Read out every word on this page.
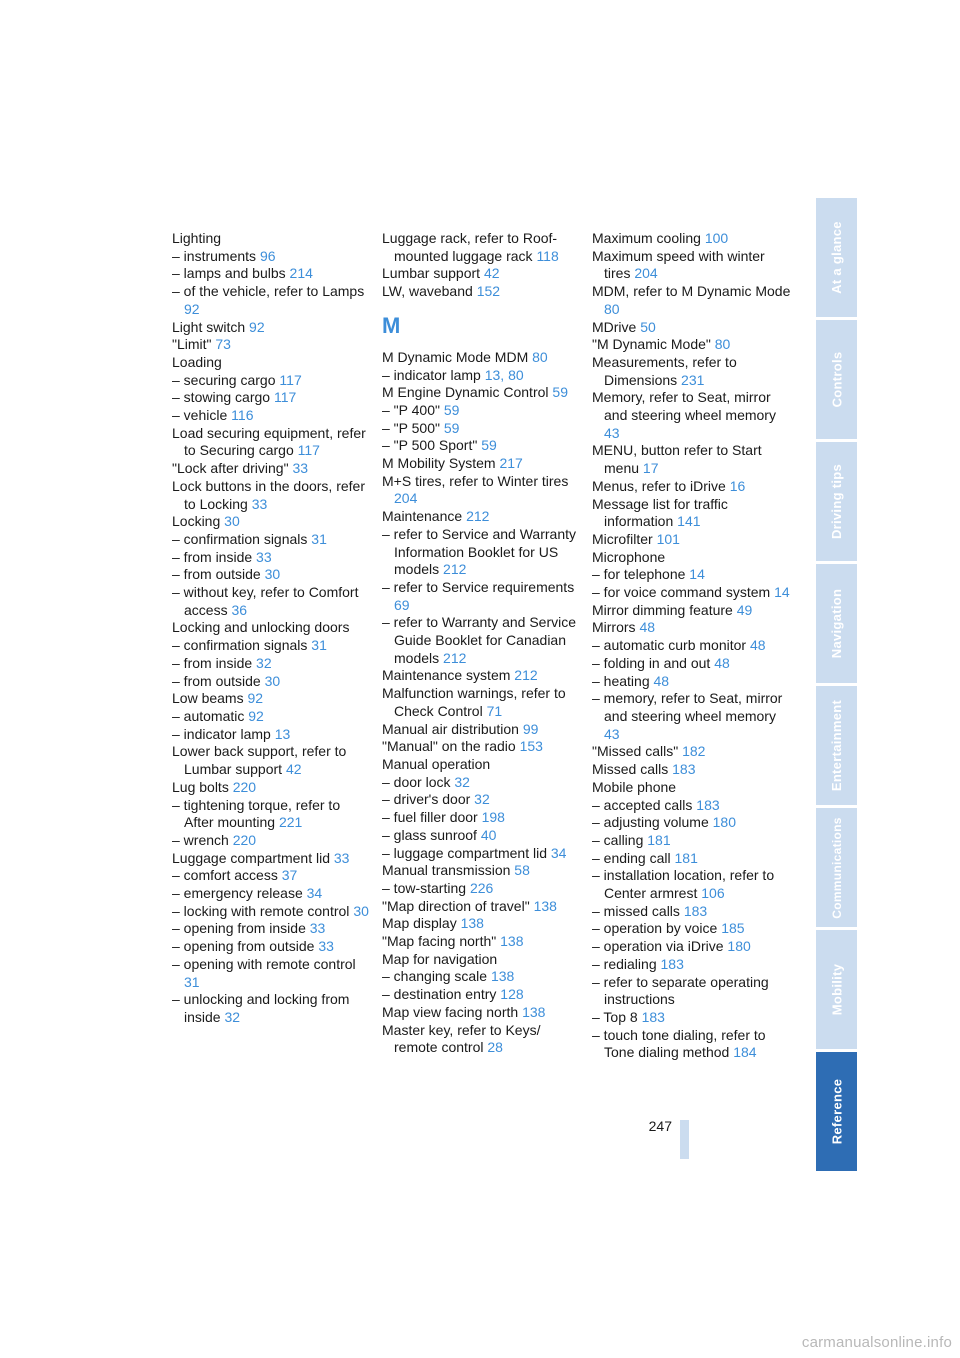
Lighting
– instruments 96
– lamps and bulbs 214
– of the vehicle, refer to Lamps 92
Light switch 92
"Limit" 73
Loading
– securing cargo 117
– stowing cargo 117
– vehicle 116
Load securing equipment, refer to Securing cargo 117
"Lock after driving" 33
Lock buttons in the doors, refer to Locking 33
Locking 30
– confirmation signals 31
– from inside 33
– from outside 30
– without key, refer to Comfort access 36
Locking and unlocking doors
– confirmation signals 31
– from inside 32
– from outside 30
Low beams 92
– automatic 92
– indicator lamp 13
Lower back support, refer to Lumbar support 42
Lug bolts 220
– tightening torque, refer to After mounting 221
– wrench 220
Luggage compartment lid 33
– comfort access 37
– emergency release 34
– locking with remote control 30
– opening from inside 33
– opening from outside 33
– opening with remote control 31
– unlocking and locking from inside 32
Luggage rack, refer to Roof-mounted luggage rack 118
Lumbar support 42
LW, waveband 152
M
M Dynamic Mode MDM 80
– indicator lamp 13, 80
M Engine Dynamic Control 59
– "P 400" 59
– "P 500" 59
– "P 500 Sport" 59
M Mobility System 217
M+S tires, refer to Winter tires 204
Maintenance 212
– refer to Service and Warranty Information Booklet for US models 212
– refer to Service requirements 69
– refer to Warranty and Service Guide Booklet for Canadian models 212
Maintenance system 212
Malfunction warnings, refer to Check Control 71
Manual air distribution 99
"Manual" on the radio 153
Manual operation
– door lock 32
– driver's door 32
– fuel filler door 198
– glass sunroof 40
– luggage compartment lid 34
Manual transmission 58
– tow-starting 226
"Map direction of travel" 138
Map display 138
"Map facing north" 138
Map for navigation
– changing scale 138
– destination entry 128
Map view facing north 138
Master key, refer to Keys/ remote control 28
Maximum cooling 100
Maximum speed with winter tires 204
MDM, refer to M Dynamic Mode 80
MDrive 50
"M Dynamic Mode" 80
Measurements, refer to Dimensions 231
Memory, refer to Seat, mirror and steering wheel memory 43
MENU, button refer to Start menu 17
Menus, refer to iDrive 16
Message list for traffic information 141
Microfilter 101
Microphone
– for telephone 14
– for voice command system 14
Mirror dimming feature 49
Mirrors 48
– automatic curb monitor 48
– folding in and out 48
– heating 48
– memory, refer to Seat, mirror and steering wheel memory 43
"Missed calls" 182
Missed calls 183
Mobile phone
– accepted calls 183
– adjusting volume 180
– calling 181
– ending call 181
– installation location, refer to Center armrest 106
– missed calls 183
– operation by voice 185
– operation via iDrive 180
– redialing 183
– refer to separate operating instructions
– Top 8 183
– touch tone dialing, refer to Tone dialing method 184
At a glance
Controls
Driving tips
Navigation
Entertainment
Communications
Mobility
Reference
247
carmanualsonline.info
